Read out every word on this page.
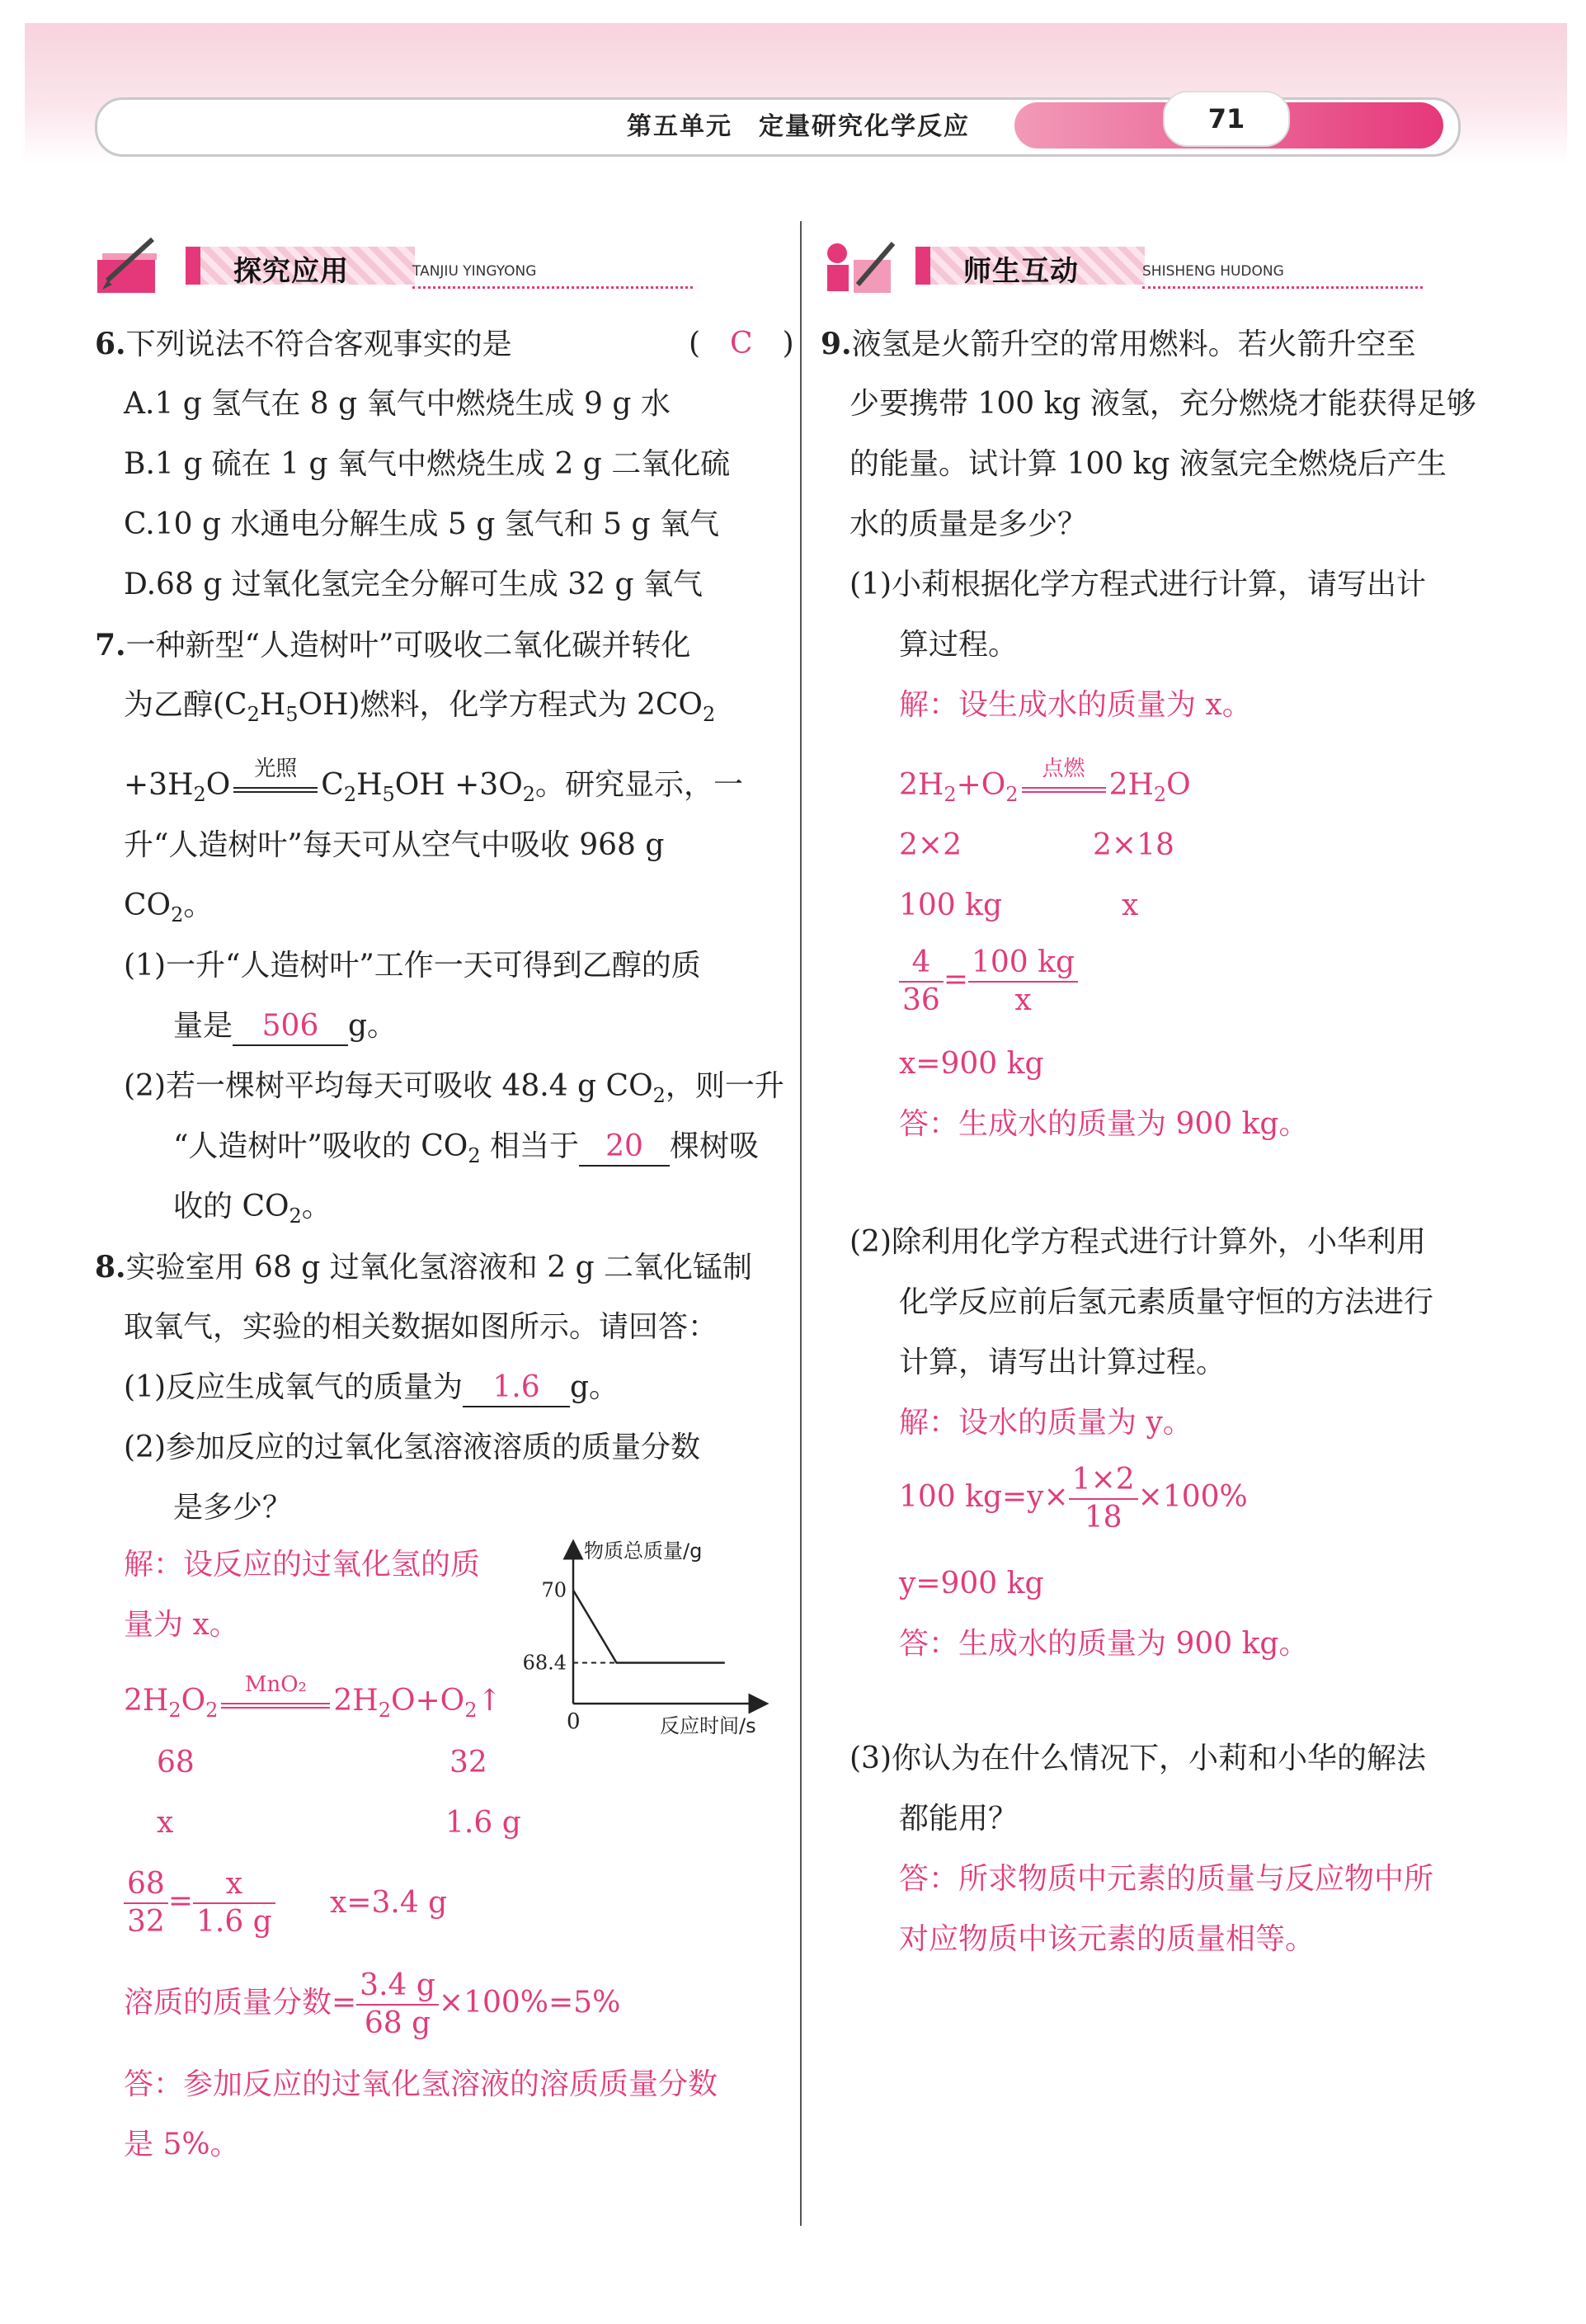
第五单元　 定量研究化学反应	71
探究应用	TANJIU YINGYONG	师生互动	SHISHENG HUDONG
6.下列说法不符合客观事实的是	(　C　)
A.1 g 氢气在 8 g 氧气中燃烧生成 9 g 水
B.1 g 硫在 1 g 氧气中燃烧生成 2 g 二氧化硫
C.10 g 水通电分解生成 5 g 氢气和 5 g 氧气
D.68 g 过氧化氢完全分解可生成 32 g 氧气
7.一种新型“人造树叶”可吸收二氧化碳并转化
为乙醇$(C_2H_5OH)$燃料，化学方程式为 $2CO_2$
$+3H_2O$	光照 $C_2H_5OH +3O_2$。研究显示，一
升“人造树叶”每天可从空气中吸收 968 g
$CO_2$。
(1)一升“人造树叶”工作一天可得到乙醇的质
量是 506 g。
(2)若一棵树平均每天可吸收 48.4 g $CO_2$，则一升
“人造树叶”吸收的 $CO_2$ 相当于 20 棵树吸
收的 $CO_2$。
8.实验室用 68 g 过氧化氢溶液和 2 g 二氧化锰制
取氧气，实验的相关数据如图所示。请回答：
(1)反应生成氧气的质量为 1.6 g。
(2)参加反应的过氧化氢溶液溶质的质量分数
是多少？
解：设反应的过氧化氢的质
量为 x。
$2H_2O_2$
MnO₂ $2H_2O+O_2↑$
68	32
x	1.6 g
$\frac{68}{32} = \frac{x}{1.6 g} x=3.4$ g
溶质的质量分数= $\frac{3.4 g}{68 g} \times 100\%=5\%$
答：参加反应的过氧化氢溶液的溶质质量分数
是 5%。
物质总质量/g
反应时间/s
0
70
68.4
9.液氢是火箭升空的常用燃料。若火箭升空至
少要携带 100 kg 液氢，充分燃烧才能获得足够
的能量。试计算 100 kg 液氢完全燃烧后产生
水的质量是多少？
(1)小莉根据化学方程式进行计算，请写出计
算过程。
解：设生成水的质量为 x。
$2H_2+O_2$
点燃 $2H_2O$
2×2	2×18
100 kg	x
$\frac{4}{36} = \frac{100 kg}{x}$
x=900 kg
答：生成水的质量为 900 kg。
(2)除利用化学方程式进行计算外，小华利用
化学反应前后氢元素质量守恒的方法进行
计算，请写出计算过程。
解：设水的质量为 y。
100 $kg=y\times \frac{1\times 2}{18} \times 100\%$
y=900 kg
答：生成水的质量为 900 kg。
(3)你认为在什么情况下，小莉和小华的解法
都能用？
答：所求物质中元素的质量与反应物中所
对应物质中该元素的质量相等。
